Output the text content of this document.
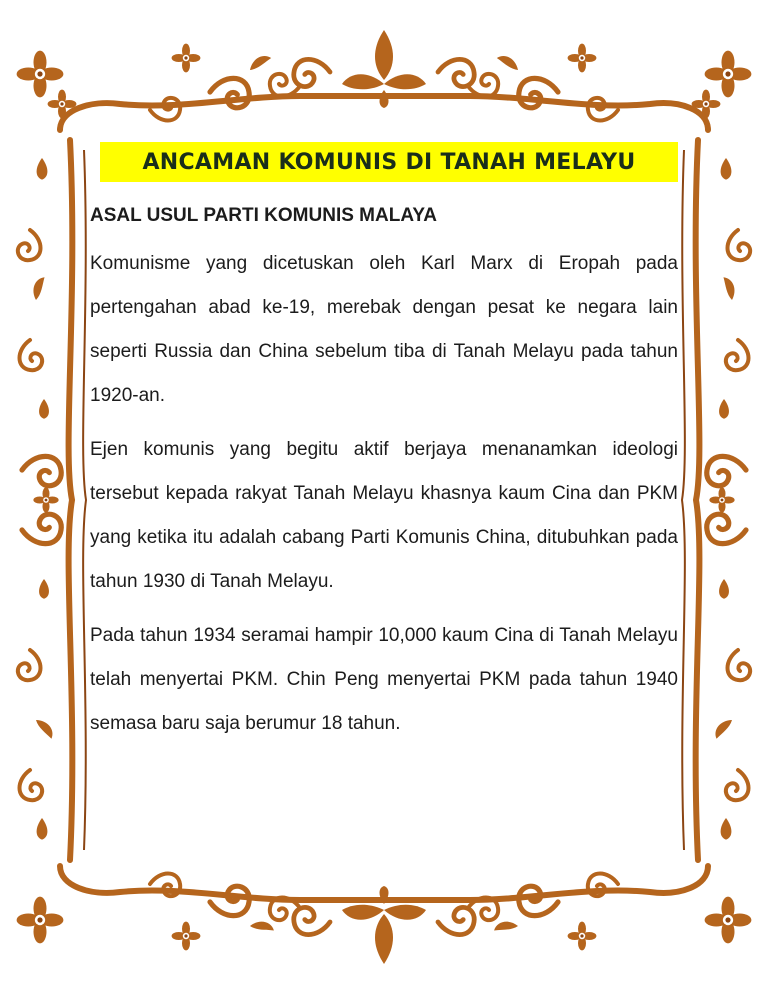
ANCAMAN KOMUNIS DI TANAH MELAYU
ASAL USUL PARTI KOMUNIS MALAYA

Komunisme yang dicetuskan oleh Karl Marx di Eropah pada pertengahan abad ke-19, merebak dengan pesat ke negara lain seperti Russia dan China sebelum tiba di Tanah Melayu pada tahun 1920-an.

Ejen komunis yang begitu aktif berjaya menanamkan ideologi tersebut kepada rakyat Tanah Melayu khasnya kaum Cina dan PKM yang ketika itu adalah cabang Parti Komunis China, ditubuhkan pada tahun 1930 di Tanah Melayu.

Pada tahun 1934 seramai hampir 10,000 kaum Cina di Tanah Melayu telah menyertai PKM. Chin Peng menyertai PKM pada tahun 1940 semasa baru saja berumur 18 tahun.
